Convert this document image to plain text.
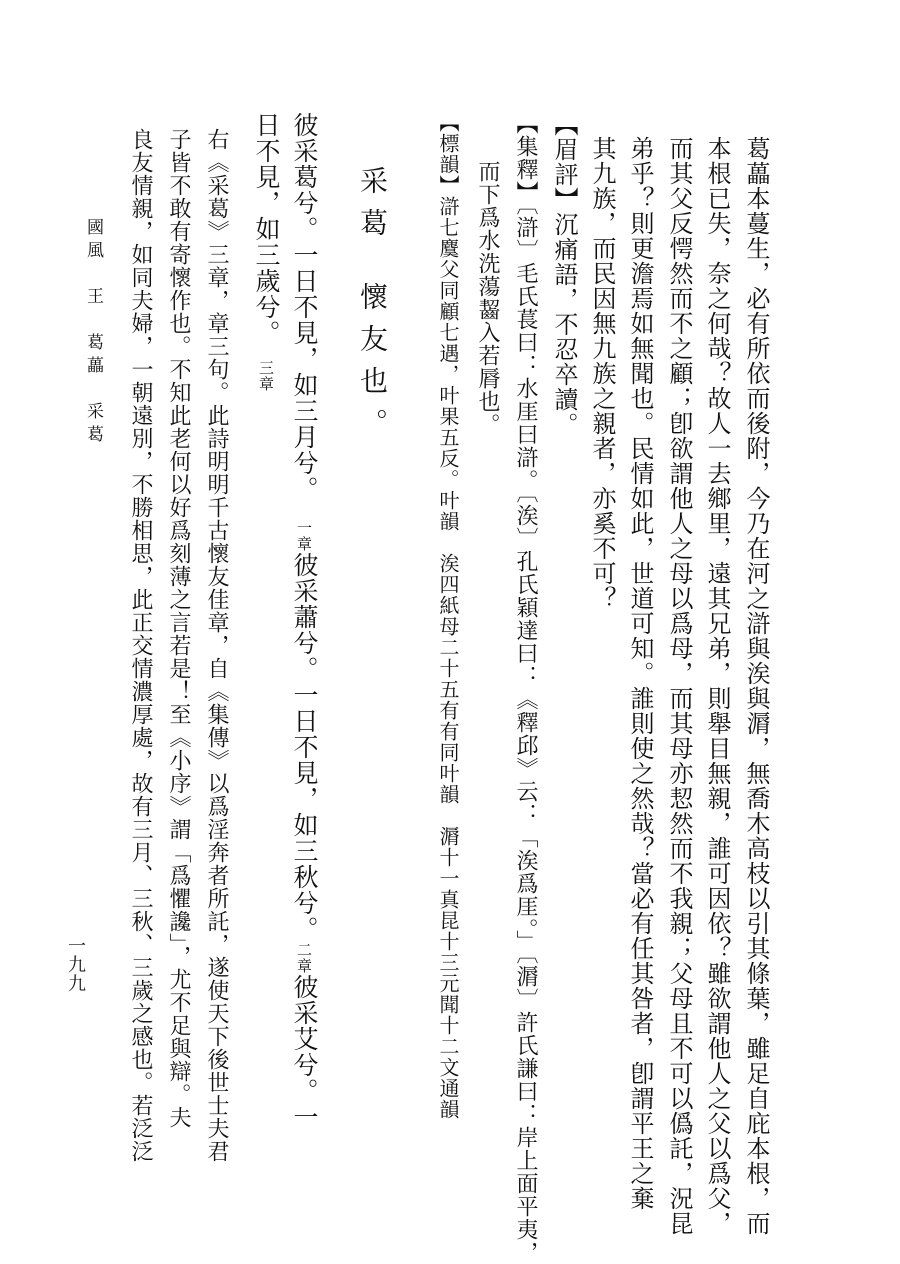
葛藟本蔓生，必有所依而後附，今乃在河之滸與涘與漘，無喬木高枝以引其條葉，雖足自庇本根，而
本根已失，奈之何哉？故人一去鄉里，遠其兄弟，則舉目無親，誰可因依？雖欲謂他人之父以爲父，
而其父反愕然而不之顧；卽欲謂他人之母以爲母，而其母亦恝然而不我親；父母且不可以僞託，況昆
弟乎？則更澹焉如無聞也。民情如此，世道可知。誰則使之然哉？當必有任其咎者，卽謂平王之棄
其九族，而民因無九族之親者，亦奚不可？
【眉評】沉痛語，不忍卒讀。
【集釋】〔滸〕毛氏萇曰：水厓曰滸。〔涘〕孔氏穎達曰：《釋邱》云：「涘爲厓。」〔漘〕許氏謙曰：岸上面平夷，
而下爲水洗蕩齧入若脣也。
【標韻】滸七麌父同顧七遇，叶果五反。叶韻　涘四紙母二十五有有同叶韻　漘十一真昆十三元聞十二文通韻
采葛
懷友也。
彼采葛兮。一日不見，如三月兮。一章彼采蕭兮。一日不見，如三秋兮。二章彼采艾兮。一
日不見，如三歲兮。三章
右《采葛》三章，章三句。此詩明明千古懷友佳章，自《集傳》以爲淫奔者所託，遂使天下後世士夫君
子皆不敢有寄懷作也。不知此老何以好爲刻薄之言若是！至《小序》謂「爲懼讒」，尤不足與辯。夫
良友情親，如同夫婦，一朝遠別，不勝相思，此正交情濃厚處，故有三月、三秋、三歲之感也。若泛泛
國風　王　葛藟　采葛
一九九
